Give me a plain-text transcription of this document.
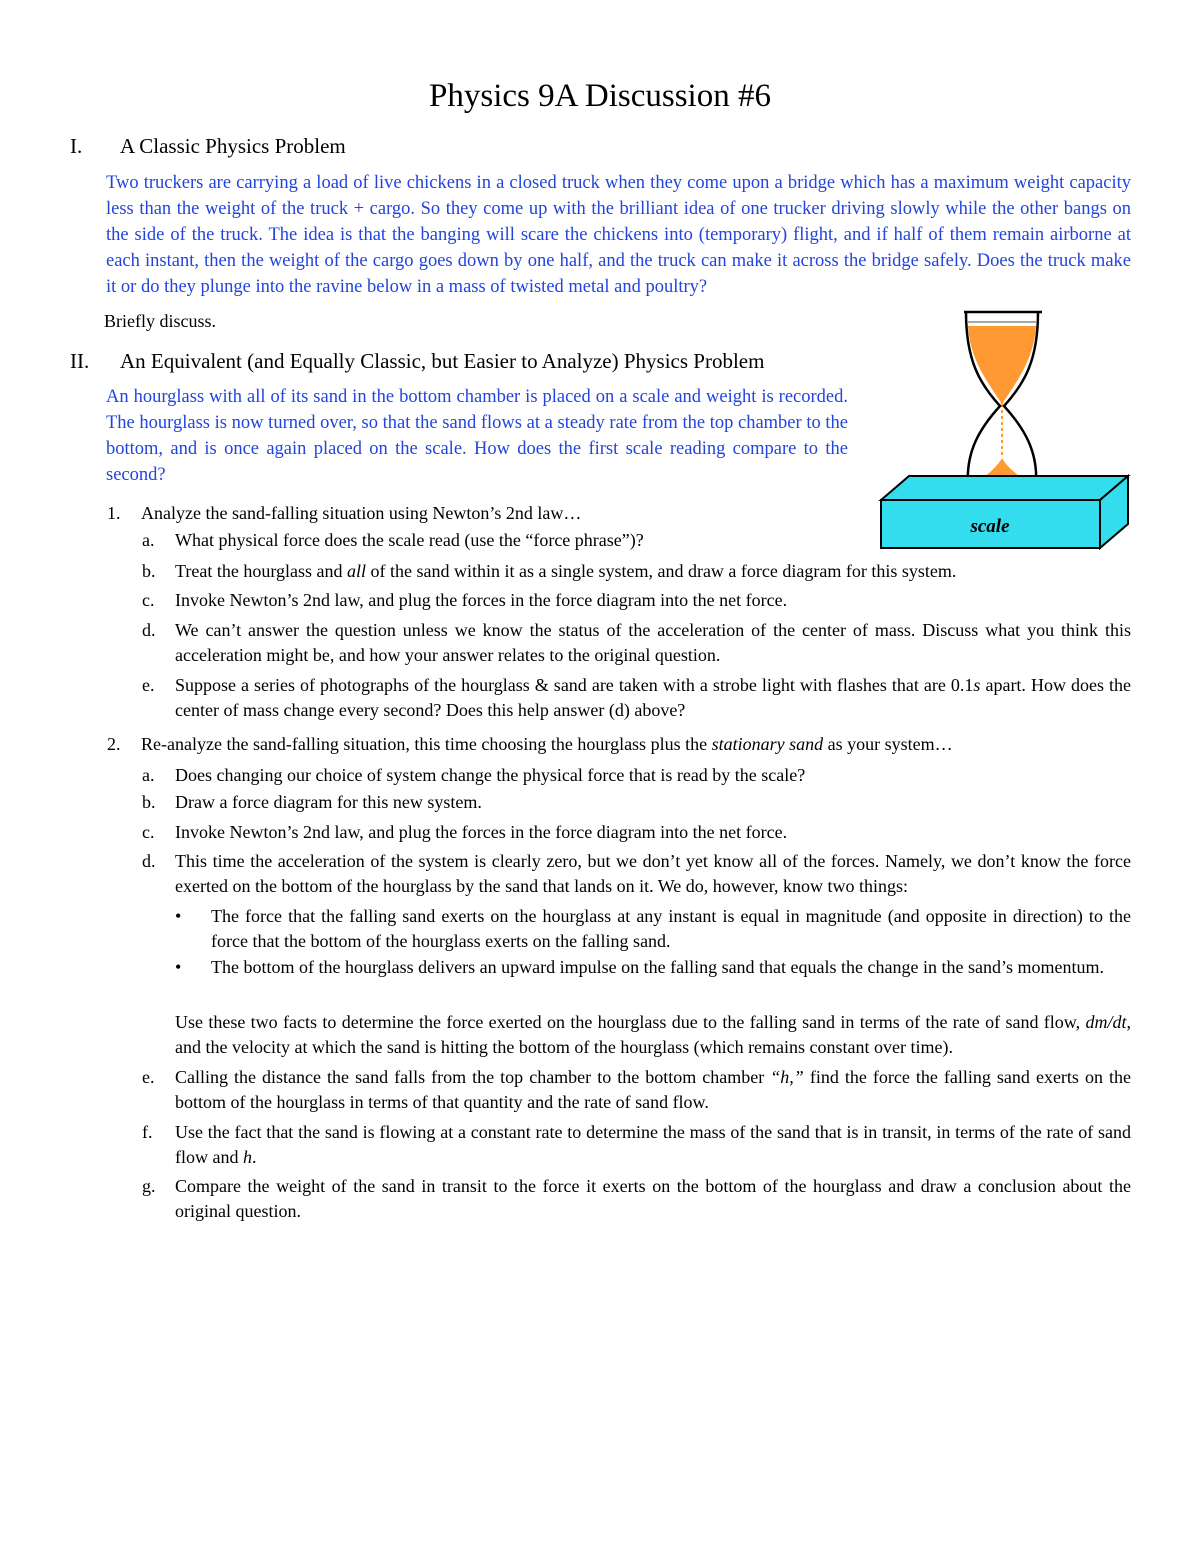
Physics 9A Discussion #6
I. A Classic Physics Problem
Two truckers are carrying a load of live chickens in a closed truck when they come upon a bridge which has a maximum weight capacity less than the weight of the truck + cargo. So they come up with the brilliant idea of one trucker driving slowly while the other bangs on the side of the truck. The idea is that the banging will scare the chickens into (temporary) flight, and if half of them remain airborne at each instant, then the weight of the cargo goes down by one half, and the truck can make it across the bridge safely. Does the truck make it or do they plunge into the ravine below in a mass of twisted metal and poultry?
Briefly discuss.
II. An Equivalent (and Equally Classic, but Easier to Analyze) Physics Problem
An hourglass with all of its sand in the bottom chamber is placed on a scale and weight is recorded. The hourglass is now turned over, so that the sand flows at a steady rate from the top chamber to the bottom, and is once again placed on the scale. How does the first scale reading compare to the second?
scale
1. Analyze the sand-falling situation using Newton’s 2nd law…
a. What physical force does the scale read (use the “force phrase”)?
b. Treat the hourglass and all of the sand within it as a single system, and draw a force diagram for this system.
c. Invoke Newton’s 2nd law, and plug the forces in the force diagram into the net force.
d. We can’t answer the question unless we know the status of the acceleration of the center of mass. Discuss what you think this acceleration might be, and how your answer relates to the original question.
e. Suppose a series of photographs of the hourglass & sand are taken with a strobe light with flashes that are 0.1s apart. How does the center of mass change every second? Does this help answer (d) above?
2. Re-analyze the sand-falling situation, this time choosing the hourglass plus the stationary sand as your system…
a. Does changing our choice of system change the physical force that is read by the scale?
b. Draw a force diagram for this new system.
c. Invoke Newton’s 2nd law, and plug the forces in the force diagram into the net force.
d. This time the acceleration of the system is clearly zero, but we don’t yet know all of the forces. Namely, we don’t know the force exerted on the bottom of the hourglass by the sand that lands on it. We do, however, know two things:
• The force that the falling sand exerts on the hourglass at any instant is equal in magnitude (and opposite in direction) to the force that the bottom of the hourglass exerts on the falling sand.
• The bottom of the hourglass delivers an upward impulse on the falling sand that equals the change in the sand’s momentum.
Use these two facts to determine the force exerted on the hourglass due to the falling sand in terms of the rate of sand flow, dm/dt, and the velocity at which the sand is hitting the bottom of the hourglass (which remains constant over time).
e. Calling the distance the sand falls from the top chamber to the bottom chamber “h,” find the force the falling sand exerts on the bottom of the hourglass in terms of that quantity and the rate of sand flow.
f. Use the fact that the sand is flowing at a constant rate to determine the mass of the sand that is in transit, in terms of the rate of sand flow and h.
g. Compare the weight of the sand in transit to the force it exerts on the bottom of the hourglass and draw a conclusion about the original question.
